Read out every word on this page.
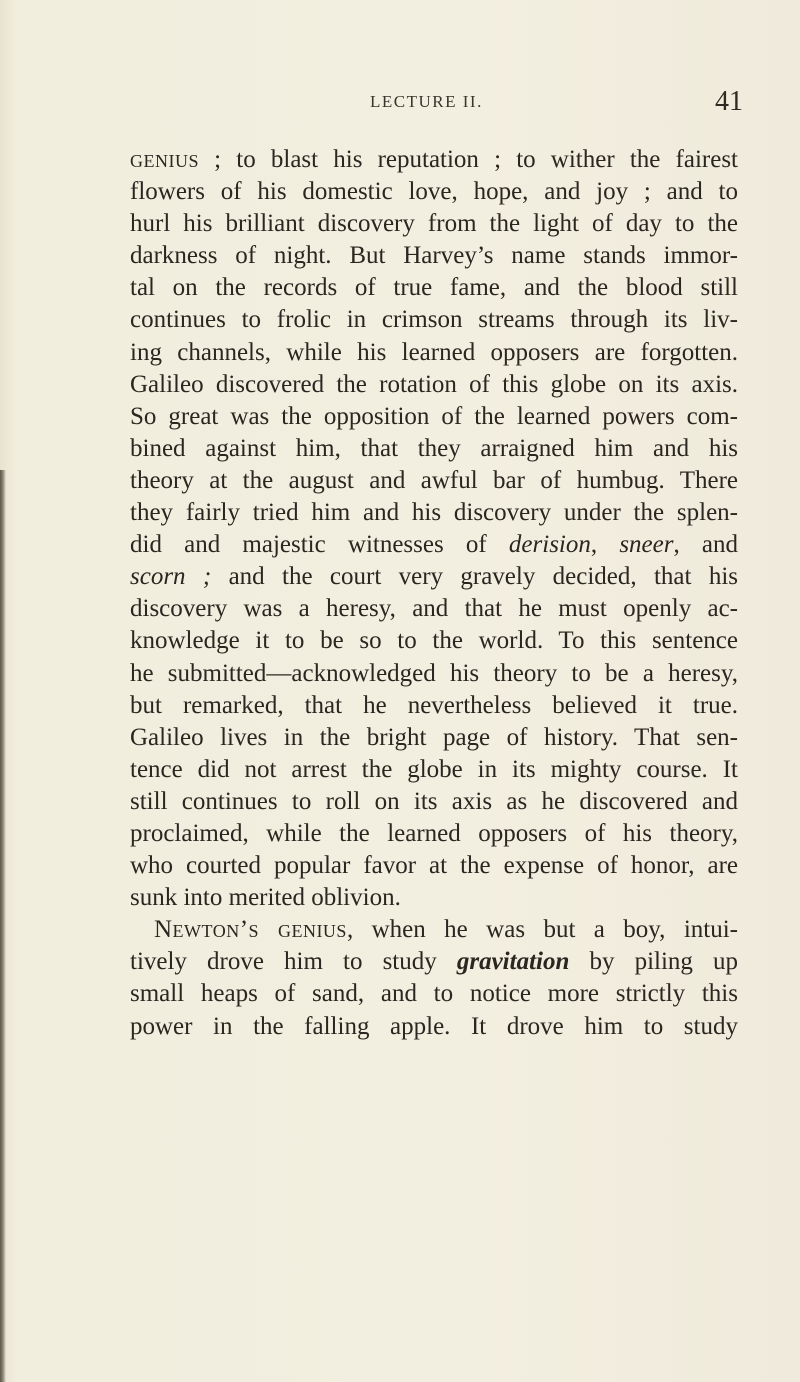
LECTURE II.	41
genius ; to blast his reputation ; to wither the fairest
flowers of his domestic love, hope, and joy ; and to
hurl his brilliant discovery from the light of day to the
darkness of night. But Harvey’s name stands immor-
tal on the records of true fame, and the blood still
continues to frolic in crimson streams through its liv-
ing channels, while his learned opposers are forgotten.
Galileo discovered the rotation of this globe on its axis.
So great was the opposition of the learned powers com-
bined against him, that they arraigned him and his
theory at the august and awful bar of humbug. There
they fairly tried him and his discovery under the splen-
did and majestic witnesses of derision, sneer, and
scorn ; and the court very gravely decided, that his
discovery was a heresy, and that he must openly ac-
knowledge it to be so to the world. To this sentence
he submitted—acknowledged his theory to be a heresy,
but remarked, that he nevertheless believed it true.
Galileo lives in the bright page of history. That sen-
tence did not arrest the globe in its mighty course. It
still continues to roll on its axis as he discovered and
proclaimed, while the learned opposers of his theory,
who courted popular favor at the expense of honor, are
sunk into merited oblivion.
Newton’s genius, when he was but a boy, intui-
tively drove him to study gravitation by piling up
small heaps of sand, and to notice more strictly this
power in the falling apple. It drove him to study
